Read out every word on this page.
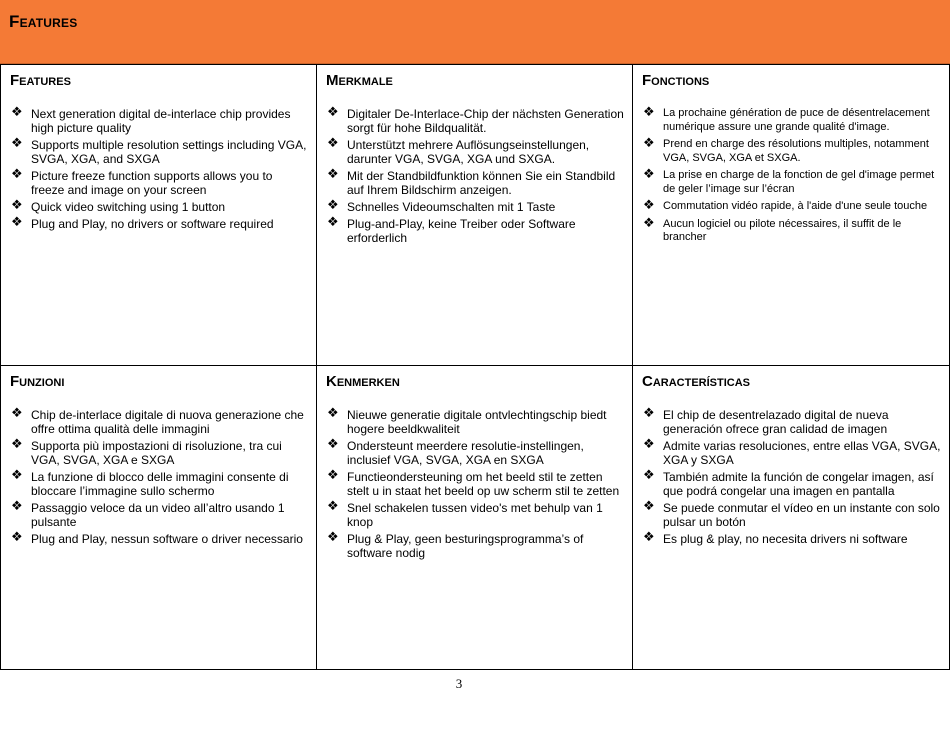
Features
Features
❖ Next generation digital de-interlace chip provides high picture quality
❖ Supports multiple resolution settings including VGA, SVGA, XGA, and SXGA
❖ Picture freeze function supports allows you to freeze and image on your screen
❖ Quick video switching using 1 button
❖ Plug and Play, no drivers or software required
Merkmale
❖ Digitaler De-Interlace-Chip der nächsten Generation sorgt für hohe Bildqualität.
❖ Unterstützt mehrere Auflösungseinstellungen, darunter VGA, SVGA, XGA und SXGA.
❖ Mit der Standbildfunktion können Sie ein Standbild auf Ihrem Bildschirm anzeigen.
❖ Schnelles Videoumschalten mit 1 Taste
❖ Plug-and-Play, keine Treiber oder Software erforderlich
Fonctions
❖ La prochaine génération de puce de désentrelacement numérique assure une grande qualité d'image.
❖ Prend en charge des résolutions multiples, notamment VGA, SVGA, XGA et SXGA.
❖ La prise en charge de la fonction de gel d'image permet de geler l’image sur l’écran
❖ Commutation vidéo rapide, à l'aide d'une seule touche
❖ Aucun logiciel ou pilote nécessaires, il suffit de le brancher
Funzioni
❖ Chip de-interlace digitale di nuova generazione che offre ottima qualità delle immagini
❖ Supporta più impostazioni di risoluzione, tra cui VGA, SVGA, XGA e SXGA
❖ La funzione di blocco delle immagini consente di bloccare l’immagine sullo schermo
❖ Passaggio veloce da un video all’altro usando 1 pulsante
❖ Plug and Play, nessun software o driver necessario
Kenmerken
❖ Nieuwe generatie digitale ontvlechtingschip biedt hogere beeldkwaliteit
❖ Ondersteunt meerdere resolutie-instellingen, inclusief VGA, SVGA, XGA en SXGA
❖ Functieondersteuning om het beeld stil te zetten stelt u in staat het beeld op uw scherm stil te zetten
❖ Snel schakelen tussen video's met behulp van 1 knop
❖ Plug & Play, geen besturingsprogramma’s of software nodig
Características
❖ El chip de desentrelazado digital de nueva generación ofrece gran calidad de imagen
❖ Admite varias resoluciones, entre ellas VGA, SVGA, XGA y SXGA
❖ También admite la función de congelar imagen, así que podrá congelar una imagen en pantalla
❖ Se puede conmutar el vídeo en un instante con solo pulsar un botón
❖ Es plug & play, no necesita drivers ni software
3
